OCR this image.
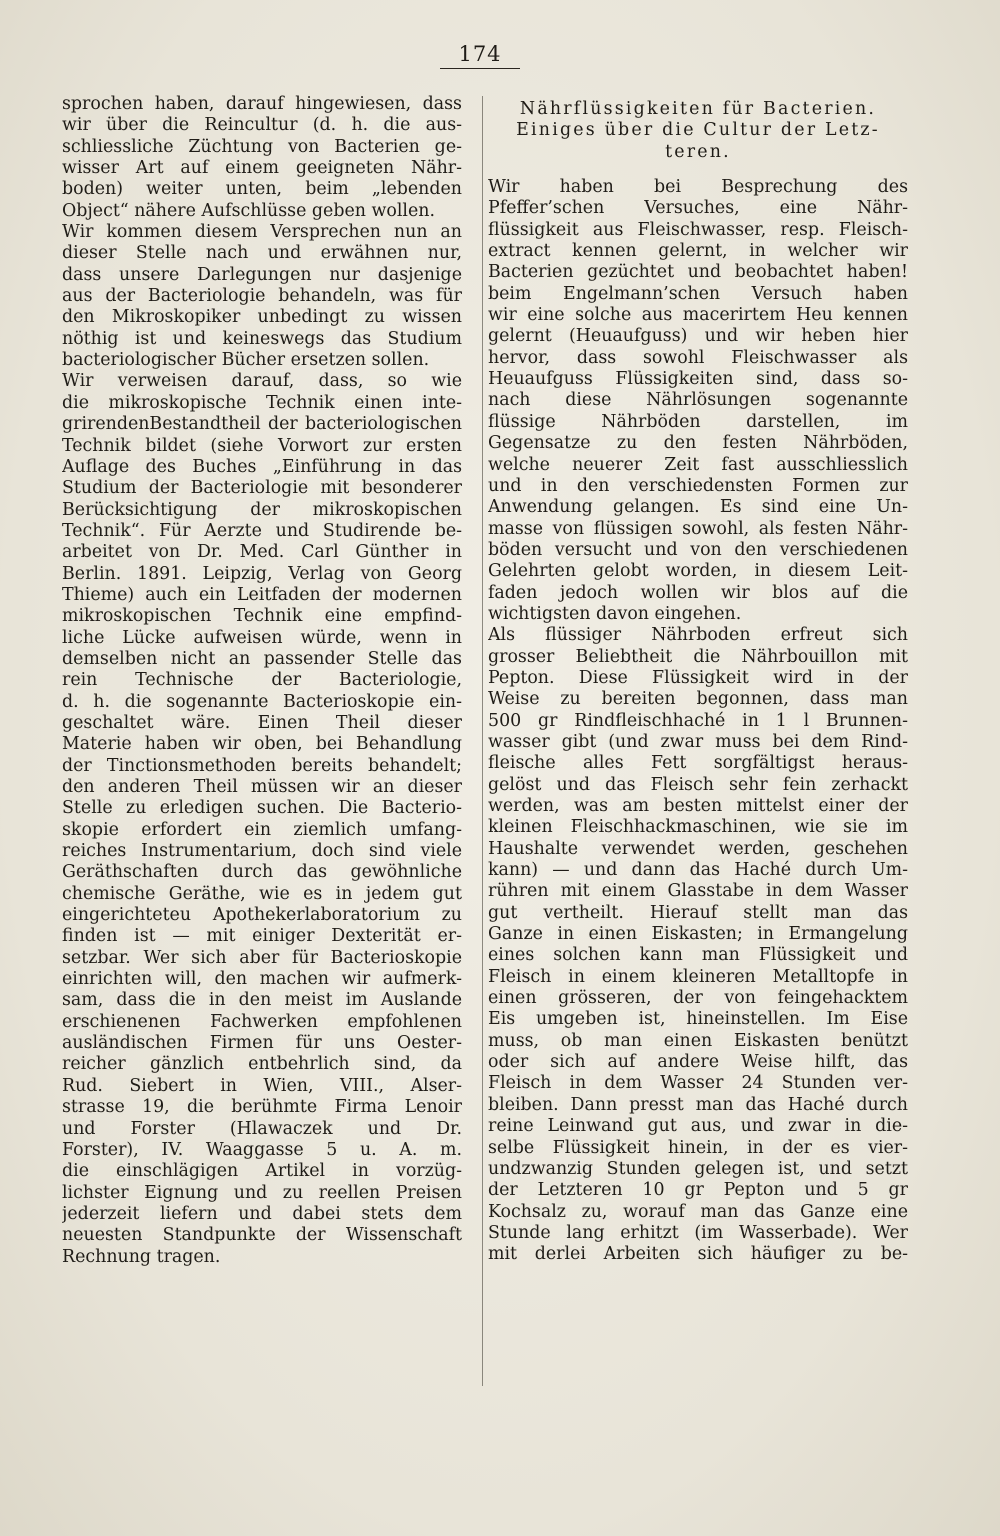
174
sprochen haben, darauf hingewiesen, dass
wir über die Reincultur (d. h. die aus-
schliessliche Züchtung von Bacterien ge-
wisser Art auf einem geeigneten Nähr-
boden) weiter unten, beim „lebenden
Object“ nähere Aufschlüsse geben wollen.
Wir kommen diesem Versprechen nun an
dieser Stelle nach und erwähnen nur,
dass unsere Darlegungen nur dasjenige
aus der Bacteriologie behandeln, was für
den Mikroskopiker unbedingt zu wissen
nöthig ist und keineswegs das Studium
bacteriologischer Bücher ersetzen sollen.
Wir verweisen darauf, dass, so wie
die mikroskopische Technik einen inte-
grirendenBestandtheil der bacteriologischen
Technik bildet (siehe Vorwort zur ersten
Auflage des Buches „Einführung in das
Studium der Bacteriologie mit besonderer
Berücksichtigung der mikroskopischen
Technik“. Für Aerzte und Studirende be-
arbeitet von Dr. Med. Carl Günther in
Berlin. 1891. Leipzig, Verlag von Georg
Thieme) auch ein Leitfaden der modernen
mikroskopischen Technik eine empfind-
liche Lücke aufweisen würde, wenn in
demselben nicht an passender Stelle das
rein Technische der Bacteriologie,
d. h. die sogenannte Bacterioskopie ein-
geschaltet wäre. Einen Theil dieser
Materie haben wir oben, bei Behandlung
der Tinctionsmethoden bereits behandelt;
den anderen Theil müssen wir an dieser
Stelle zu erledigen suchen. Die Bacterio-
skopie erfordert ein ziemlich umfang-
reiches Instrumentarium, doch sind viele
Geräthschaften durch das gewöhnliche
chemische Geräthe, wie es in jedem gut
eingerichteteu Apothekerlaboratorium zu
finden ist — mit einiger Dexterität er-
setzbar. Wer sich aber für Bacterioskopie
einrichten will, den machen wir aufmerk-
sam, dass die in den meist im Auslande
erschienenen Fachwerken empfohlenen
ausländischen Firmen für uns Oester-
reicher gänzlich entbehrlich sind, da
Rud. Siebert in Wien, VIII., Alser-
strasse 19, die berühmte Firma Lenoir
und Forster (Hlawaczek und Dr.
Forster), IV. Waaggasse 5 u. A. m.
die einschlägigen Artikel in vorzüg-
lichster Eignung und zu reellen Preisen
jederzeit liefern und dabei stets dem
neuesten Standpunkte der Wissenschaft
Rechnung tragen.
Nährflüssigkeiten für Bacterien.
Einiges über die Cultur der Letz-
teren.
Wir haben bei Besprechung des
Pfeffer’schen Versuches, eine Nähr-
flüssigkeit aus Fleischwasser, resp. Fleisch-
extract kennen gelernt, in welcher wir
Bacterien gezüchtet und beobachtet haben!
beim Engelmann’schen Versuch haben
wir eine solche aus macerirtem Heu kennen
gelernt (Heuaufguss) und wir heben hier
hervor, dass sowohl Fleischwasser als
Heuaufguss Flüssigkeiten sind, dass so-
nach diese Nährlösungen sogenannte
flüssige Nährböden darstellen, im
Gegensatze zu den festen Nährböden,
welche neuerer Zeit fast ausschliesslich
und in den verschiedensten Formen zur
Anwendung gelangen. Es sind eine Un-
masse von flüssigen sowohl, als festen Nähr-
böden versucht und von den verschiedenen
Gelehrten gelobt worden, in diesem Leit-
faden jedoch wollen wir blos auf die
wichtigsten davon eingehen.
Als flüssiger Nährboden erfreut sich
grosser Beliebtheit die Nährbouillon mit
Pepton. Diese Flüssigkeit wird in der
Weise zu bereiten begonnen, dass man
500 gr Rindfleischhaché in 1 l Brunnen-
wasser gibt (und zwar muss bei dem Rind-
fleische alles Fett sorgfältigst heraus-
gelöst und das Fleisch sehr fein zerhackt
werden, was am besten mittelst einer der
kleinen Fleischhackmaschinen, wie sie im
Haushalte verwendet werden, geschehen
kann) — und dann das Haché durch Um-
rühren mit einem Glasstabe in dem Wasser
gut vertheilt. Hierauf stellt man das
Ganze in einen Eiskasten; in Ermangelung
eines solchen kann man Flüssigkeit und
Fleisch in einem kleineren Metalltopfe in
einen grösseren, der von feingehacktem
Eis umgeben ist, hineinstellen. Im Eise
muss, ob man einen Eiskasten benützt
oder sich auf andere Weise hilft, das
Fleisch in dem Wasser 24 Stunden ver-
bleiben. Dann presst man das Haché durch
reine Leinwand gut aus, und zwar in die-
selbe Flüssigkeit hinein, in der es vier-
undzwanzig Stunden gelegen ist, und setzt
der Letzteren 10 gr Pepton und 5 gr
Kochsalz zu, worauf man das Ganze eine
Stunde lang erhitzt (im Wasserbade). Wer
mit derlei Arbeiten sich häufiger zu be-
